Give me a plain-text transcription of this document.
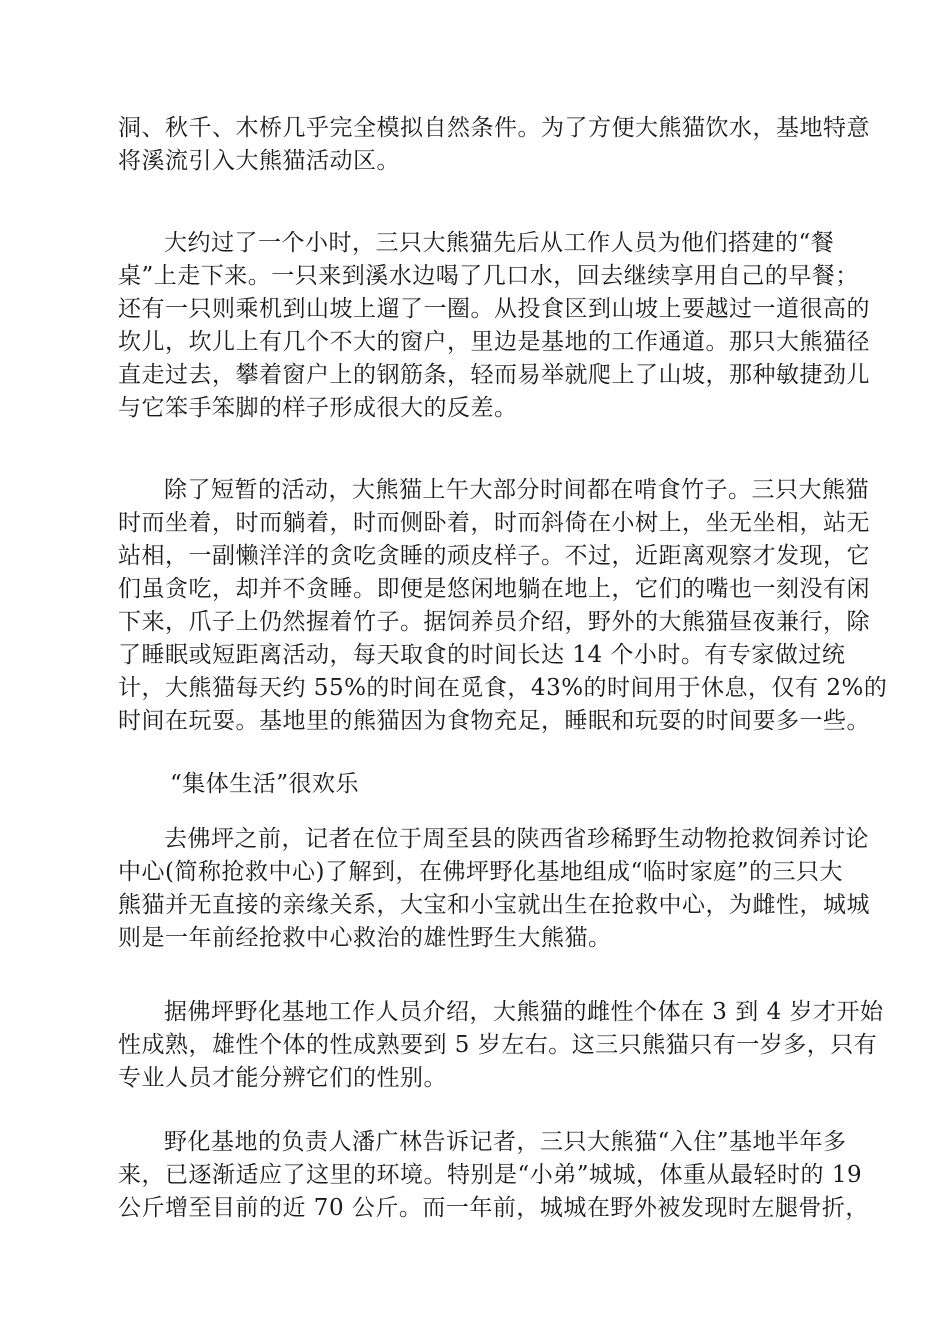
洞、秋千、木桥几乎完全模拟自然条件。为了方便大熊猫饮水，基地特意
将溪流引入大熊猫活动区。
大约过了一个小时，三只大熊猫先后从工作人员为他们搭建的“餐
桌”上走下来。一只来到溪水边喝了几口水，回去继续享用自己的早餐；
还有一只则乘机到山坡上遛了一圈。从投食区到山坡上要越过一道很高的
坎儿，坎儿上有几个不大的窗户，里边是基地的工作通道。那只大熊猫径
直走过去，攀着窗户上的钢筋条，轻而易举就爬上了山坡，那种敏捷劲儿
与它笨手笨脚的样子形成很大的反差。
除了短暂的活动，大熊猫上午大部分时间都在啃食竹子。三只大熊猫
时而坐着，时而躺着，时而侧卧着，时而斜倚在小树上，坐无坐相，站无
站相，一副懒洋洋的贪吃贪睡的顽皮样子。不过，近距离观察才发现，它
们虽贪吃，却并不贪睡。即便是悠闲地躺在地上，它们的嘴也一刻没有闲
下来，爪子上仍然握着竹子。据饲养员介绍，野外的大熊猫昼夜兼行，除
了睡眠或短距离活动，每天取食的时间长达 14 个小时。有专家做过统
计，大熊猫每天约 55%的时间在觅食，43%的时间用于休息，仅有 2%的
时间在玩耍。基地里的熊猫因为食物充足，睡眠和玩耍的时间要多一些。
“集体生活”很欢乐
去佛坪之前，记者在位于周至县的陕西省珍稀野生动物抢救饲养讨论
中心(简称抢救中心)了解到，在佛坪野化基地组成“临时家庭”的三只大
熊猫并无直接的亲缘关系，大宝和小宝就出生在抢救中心，为雌性，城城
则是一年前经抢救中心救治的雄性野生大熊猫。
据佛坪野化基地工作人员介绍，大熊猫的雌性个体在 3 到 4 岁才开始
性成熟，雄性个体的性成熟要到 5 岁左右。这三只熊猫只有一岁多，只有
专业人员才能分辨它们的性别。
野化基地的负责人潘广林告诉记者，三只大熊猫“入住”基地半年多
来，已逐渐适应了这里的环境。特别是“小弟”城城，体重从最轻时的 19
公斤增至目前的近 70 公斤。而一年前，城城在野外被发现时左腿骨折，
